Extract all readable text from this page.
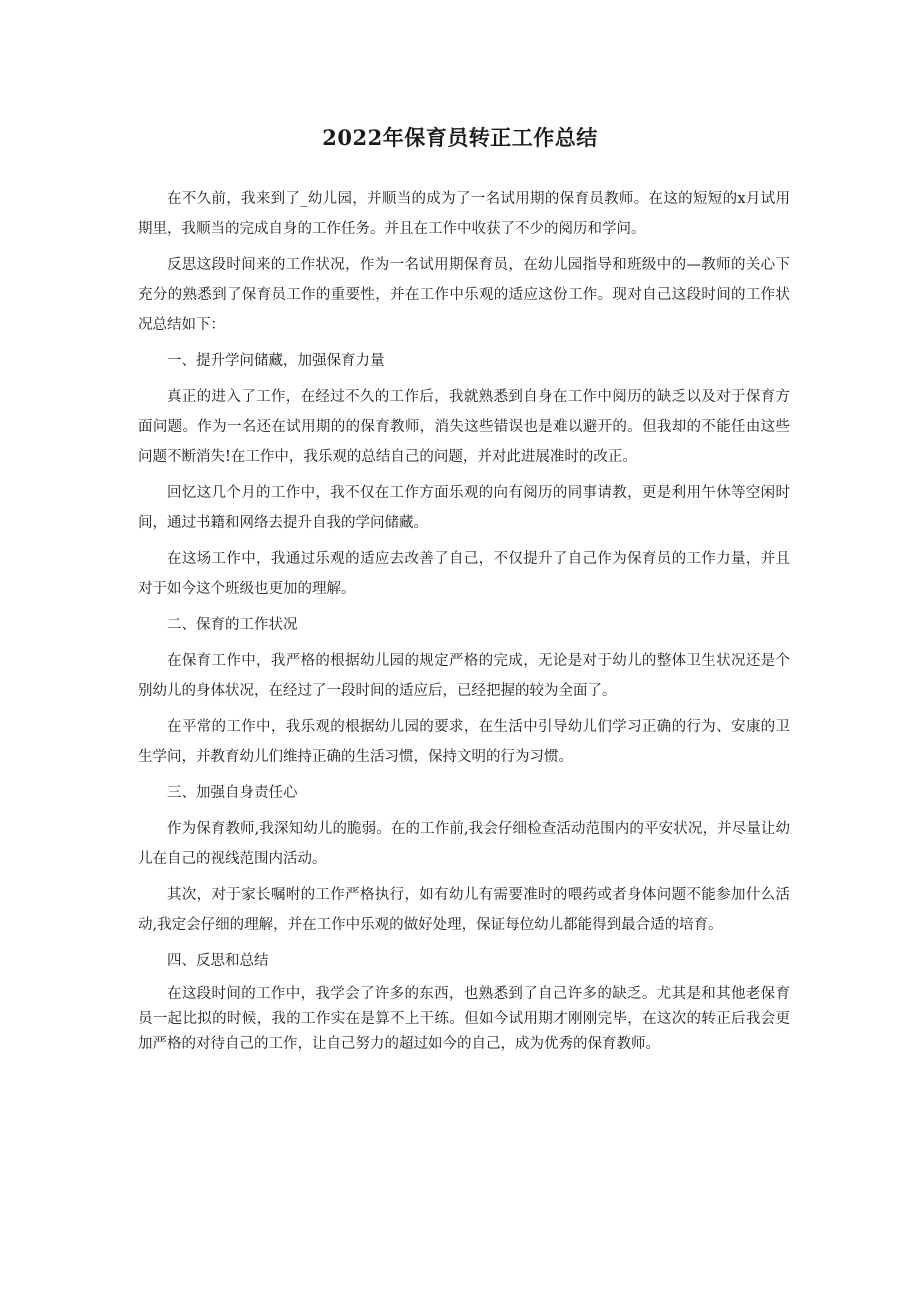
2022年保育员转正工作总结

在不久前，我来到了_幼儿园，并顺当的成为了一名试用期的保育员教师。在这的短短的x月试用期里，我顺当的完成自身的工作任务。并且在工作中收获了不少的阅历和学问。

反思这段时间来的工作状况，作为一名试用期保育员，在幼儿园指导和班级中的—教师的关心下充分的熟悉到了保育员工作的重要性，并在工作中乐观的适应这份工作。现对自己这段时间的工作状况总结如下：

一、提升学问储藏，加强保育力量

真正的进入了工作，在经过不久的工作后，我就熟悉到自身在工作中阅历的缺乏以及对于保育方面问题。作为一名还在试用期的的保育教师，消失这些错误也是难以避开的。但我却的不能任由这些问题不断消失!在工作中，我乐观的总结自己的问题，并对此进展准时的改正。

回忆这几个月的工作中，我不仅在工作方面乐观的向有阅历的同事请教，更是利用午休等空闲时间，通过书籍和网络去提升自我的学问储藏。

在这场工作中，我通过乐观的适应去改善了自己，不仅提升了自己作为保育员的工作力量，并且对于如今这个班级也更加的理解。

二、保育的工作状况

在保育工作中，我严格的根据幼儿园的规定严格的完成，无论是对于幼儿的整体卫生状况还是个别幼儿的身体状况，在经过了一段时间的适应后，已经把握的较为全面了。

在平常的工作中，我乐观的根据幼儿园的要求，在生活中引导幼儿们学习正确的行为、安康的卫生学问，并教育幼儿们维持正确的生活习惯，保持文明的行为习惯。

三、加强自身责任心

作为保育教师,我深知幼儿的脆弱。在的工作前,我会仔细检查活动范围内的平安状况，并尽量让幼儿在自己的视线范围内活动。

其次，对于家长嘱咐的工作严格执行，如有幼儿有需要准时的喂药或者身体问题不能参加什么活动,我定会仔细的理解，并在工作中乐观的做好处理，保证每位幼儿都能得到最合适的培育。

四、反思和总结

在这段时间的工作中，我学会了许多的东西，也熟悉到了自己许多的缺乏。尤其是和其他老保育员一起比拟的时候，我的工作实在是算不上干练。但如今试用期才刚刚完毕，在这次的转正后我会更加严格的对待自己的工作，让自己努力的超过如今的自己，成为优秀的保育教师。
